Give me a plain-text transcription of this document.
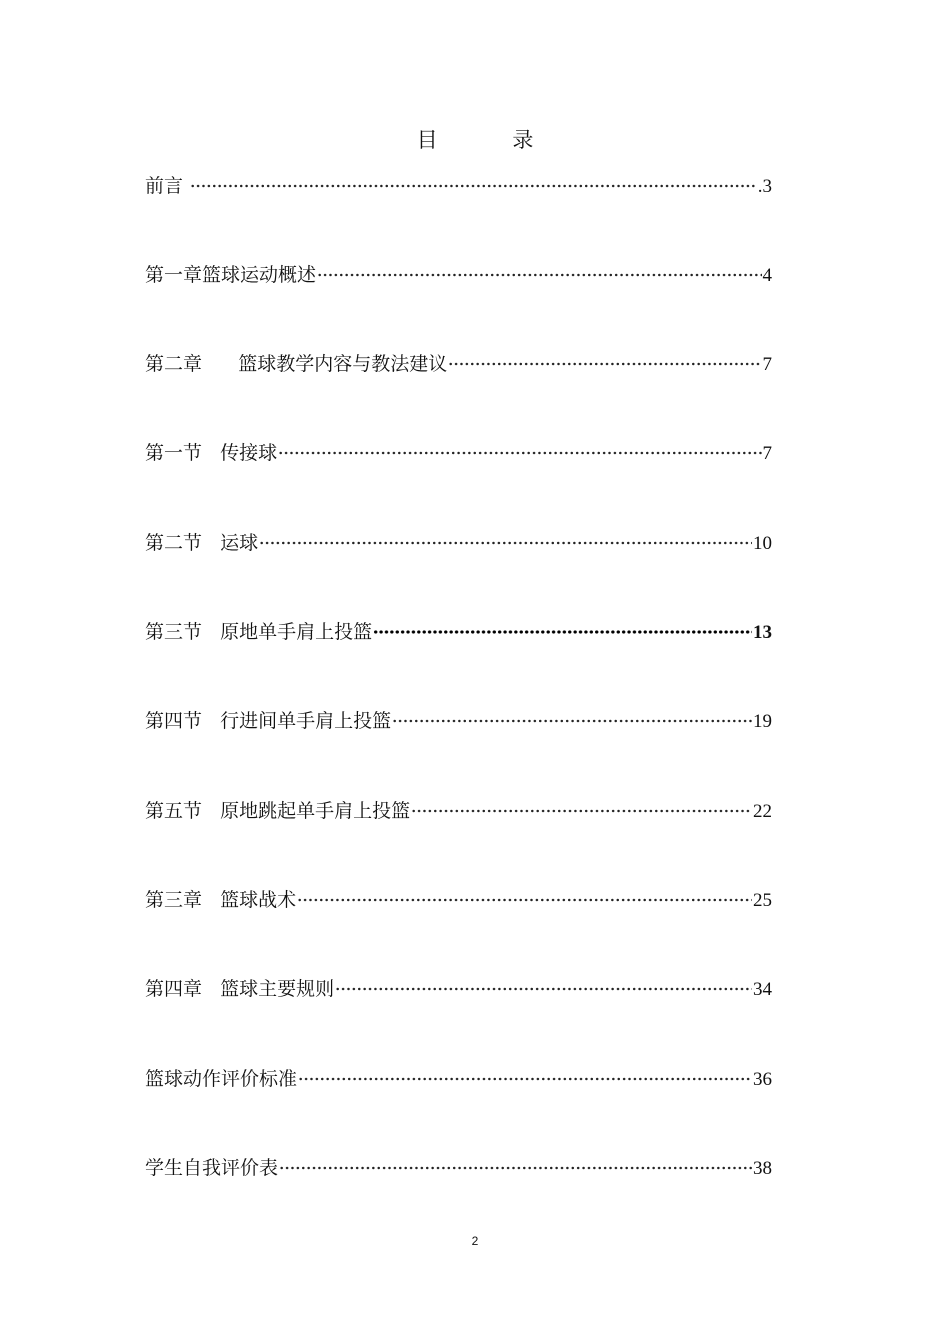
目 录
前言	.3
第一章篮球运动概述	4
第二章      篮球教学内容与教法建议	7
第一节   传接球	7
第二节   运球	10
第三节   原地单手肩上投篮	13
第四节   行进间单手肩上投篮	19
第五节   原地跳起单手肩上投篮	22
第三章   篮球战术	25
第四章   篮球主要规则	34
篮球动作评价标准	36
学生自我评价表	38
2
